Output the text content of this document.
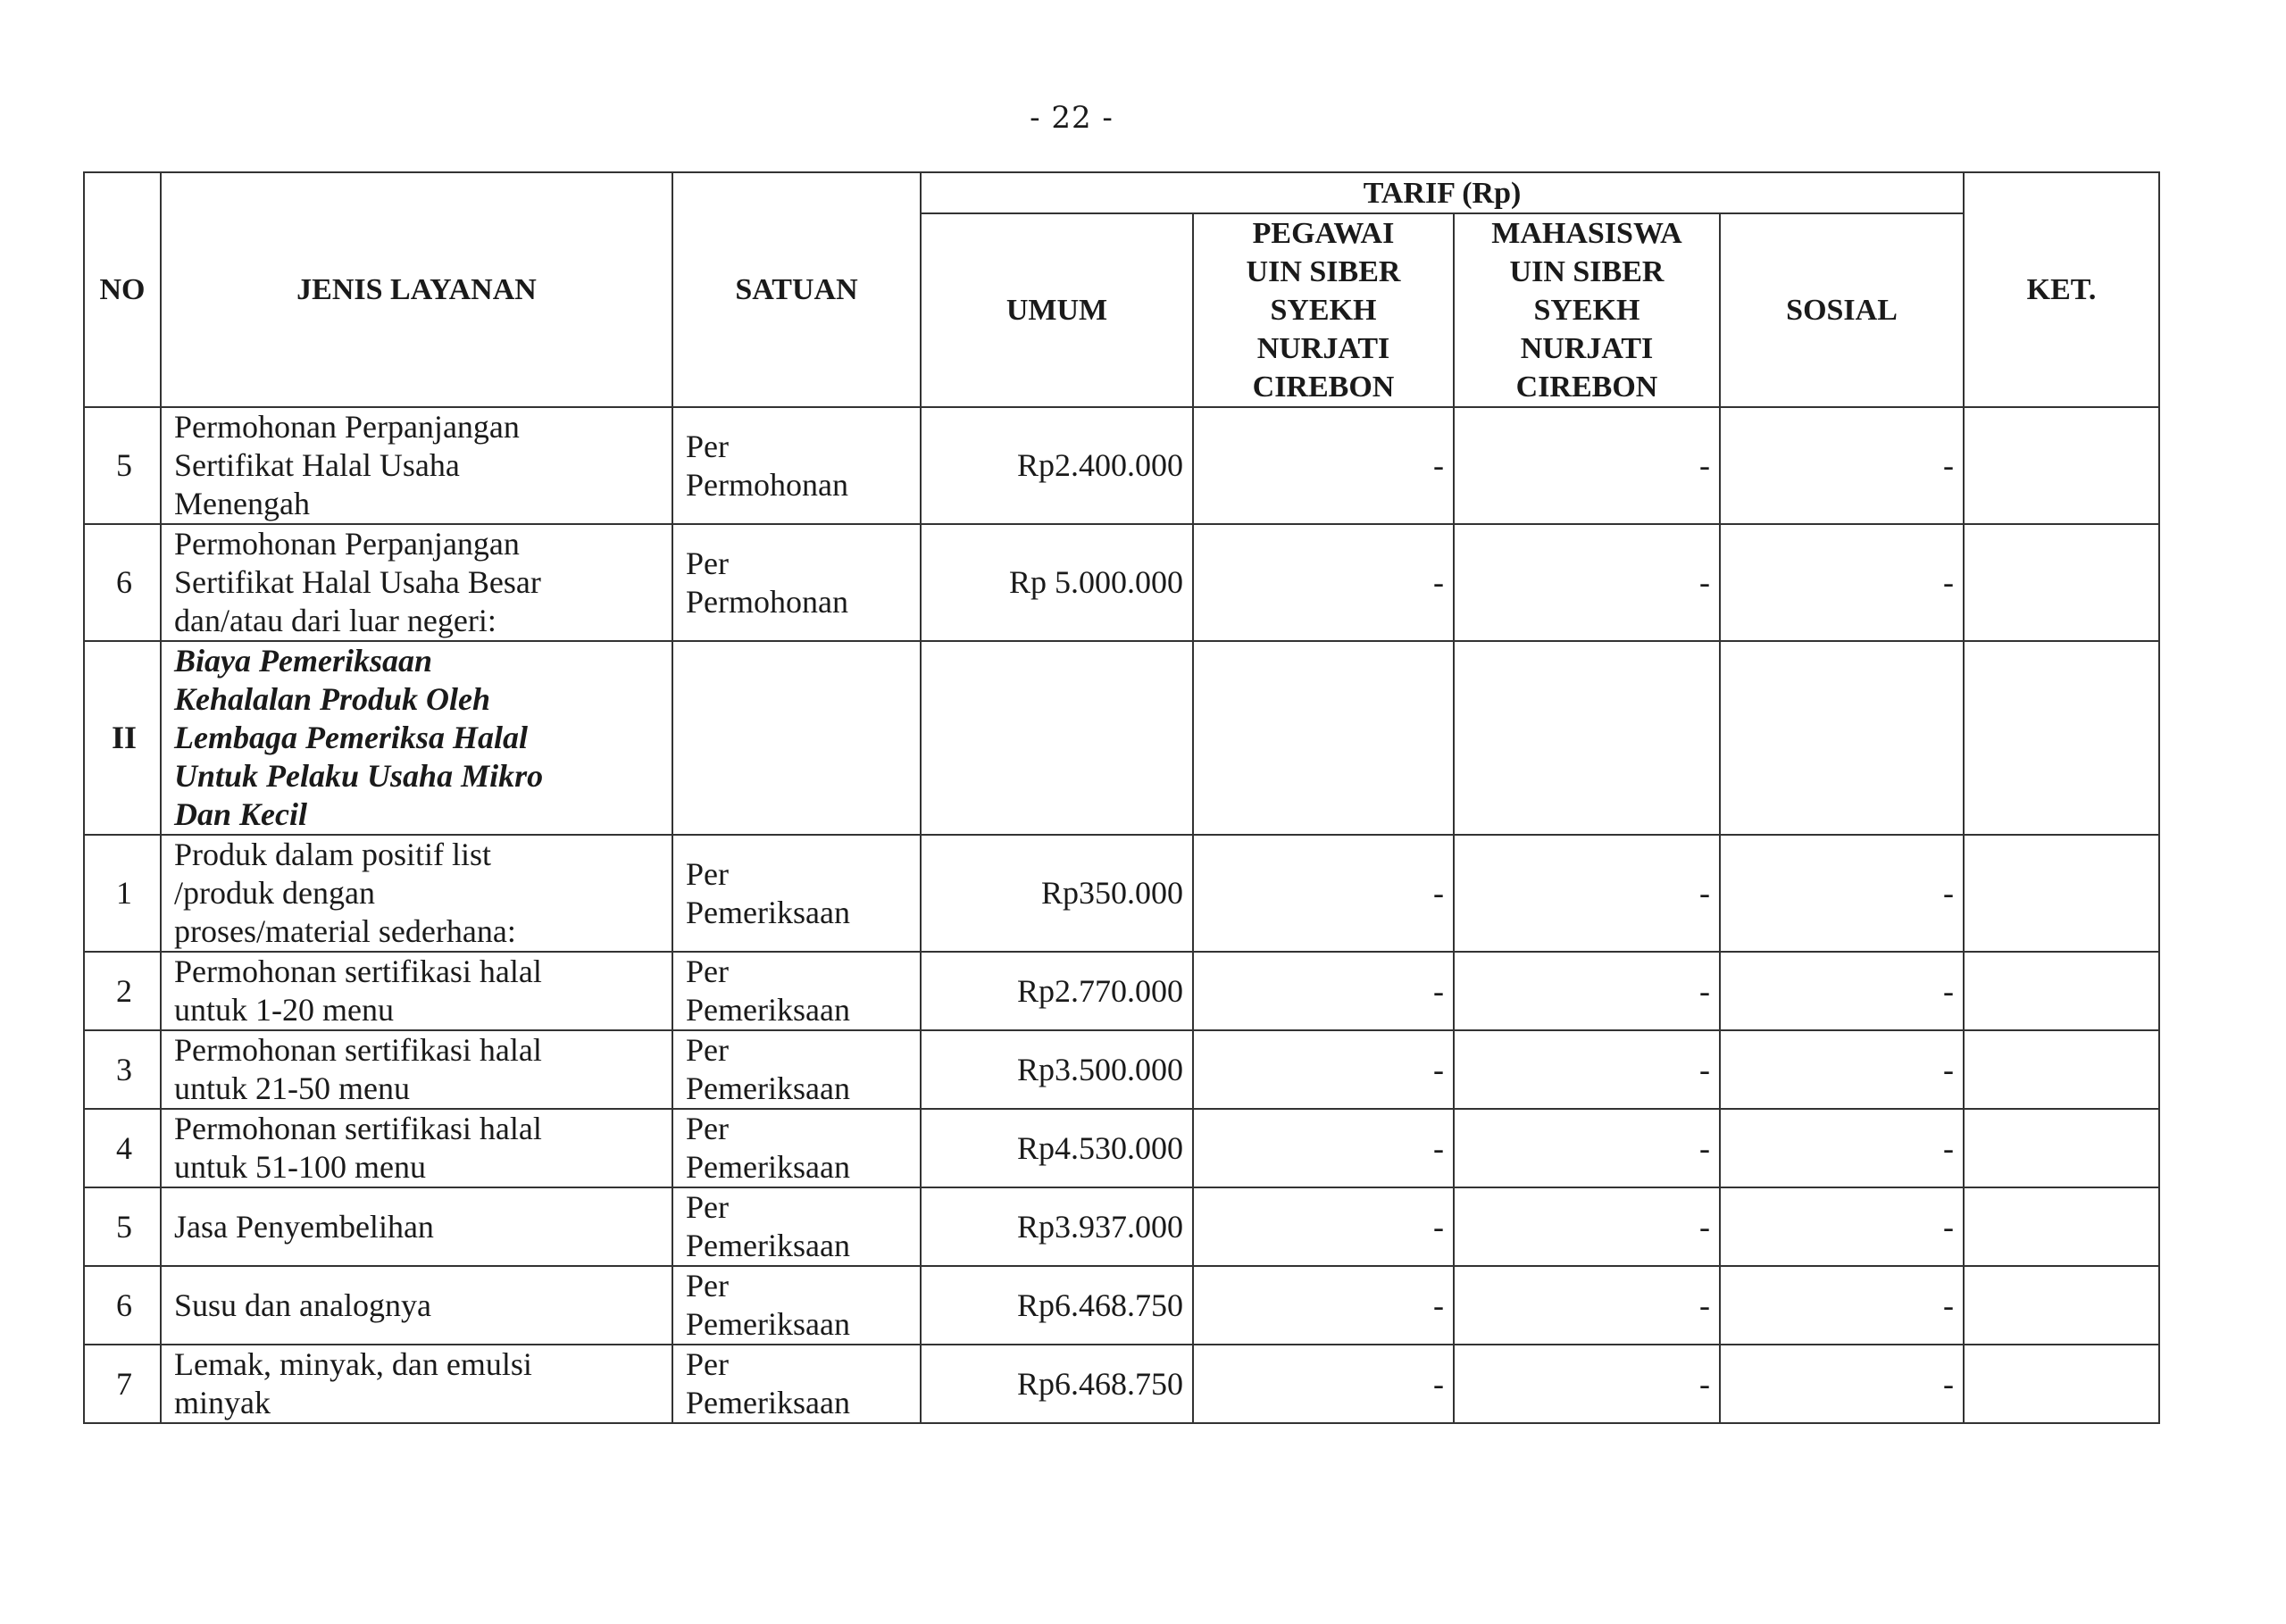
- 22 -
NO	JENIS LAYANAN	SATUAN	TARIF (Rp)				KET.
			UMUM	PEGAWAI
UIN SIBER
SYEKH
NURJATI
CIREBON	MAHASISWA
UIN SIBER
SYEKH
NURJATI
CIREBON	SOSIAL	
5	Permohonan Perpanjangan
Sertifikat Halal Usaha
Menengah	Per
Permohonan	Rp2.400.000	-	-	-	
6	Permohonan Perpanjangan
Sertifikat Halal Usaha Besar
dan/atau dari luar negeri:	Per
Permohonan	Rp 5.000.000	-	-	-	
II	Biaya Pemeriksaan
Kehalalan Produk Oleh
Lembaga Pemeriksa Halal
Untuk Pelaku Usaha Mikro
Dan Kecil						

1	Produk dalam positif list
/produk dengan
proses/material sederhana:	Per
Pemeriksaan	Rp350.000	-	-	-	
2	Permohonan sertifikasi halal
untuk 1-20 menu	Per
Pemeriksaan	Rp2.770.000	-	-	-	
3	Permohonan sertifikasi halal
untuk 21-50 menu	Per
Pemeriksaan	Rp3.500.000	-	-	-	
4	Permohonan sertifikasi halal
untuk 51-100 menu	Per
Pemeriksaan	Rp4.530.000	-	-	-	
5	Jasa Penyembelihan	Per
Pemeriksaan	Rp3.937.000	-	-	-	
6	Susu dan analognya	Per
Pemeriksaan	Rp6.468.750	-	-	-	
7	Lemak, minyak, dan emulsi
minyak	Per
Pemeriksaan	Rp6.468.750	-	-	-	
